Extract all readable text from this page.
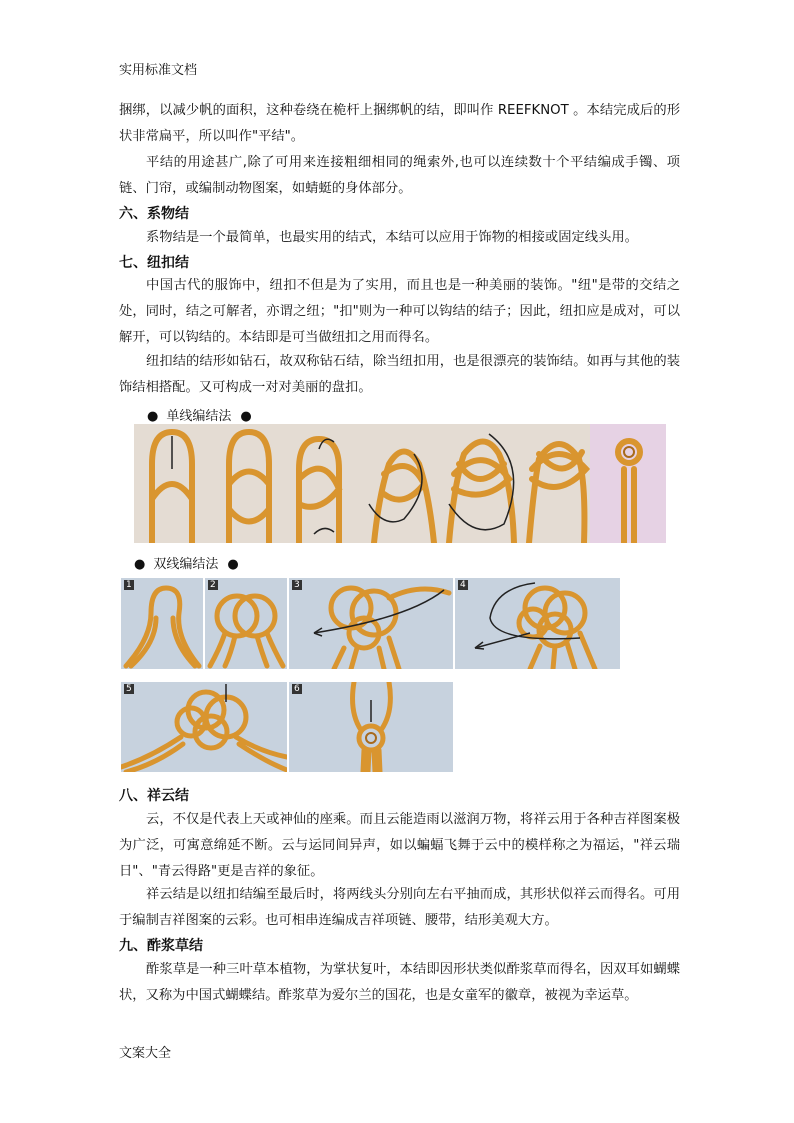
实用标准文档

捆绑，以减少帆的面积，这种卷绕在桅杆上捆绑帆的结，即叫作 REEFKNOT 。本结完成后的形状非常扁平，所以叫作"平结"。

平结的用途甚广,除了可用来连接粗细相同的绳索外,也可以连续数十个平结编成手镯、项链、门帘，或编制动物图案，如蜻蜓的身体部分。

六、系物结

系物结是一个最简单，也最实用的结式，本结可以应用于饰物的相接或固定线头用。

七、纽扣结

中国古代的服饰中，纽扣不但是为了实用，而且也是一种美丽的装饰。"纽"是带的交结之处，同时，结之可解者，亦谓之纽；"扣"则为一种可以钩结的结子；因此，纽扣应是成对，可以解开，可以钩结的。本结即是可当做纽扣之用而得名。

纽扣结的结形如钻石，故双称钻石结，除当纽扣用，也是很漂亮的装饰结。如再与其他的装饰结相搭配。又可构成一对对美丽的盘扣。

● 单线编结法 ●
● 双线编结法 ●
1	2	3	4
5	6

八、祥云结

云，不仅是代表上天或神仙的座乘。而且云能造雨以滋润万物，将祥云用于各种吉祥图案极为广泛，可寓意绵延不断。云与运同间异声，如以蝙蝠飞舞于云中的模样称之为福运，"祥云瑞日"、"青云得路"更是吉祥的象征。

祥云结是以纽扣结编至最后时，将两线头分别向左右平抽而成，其形状似祥云而得名。可用于编制吉祥图案的云彩。也可相串连编成吉祥项链、腰带，结形美观大方。

九、酢浆草结

酢浆草是一种三叶草本植物，为掌状复叶，本结即因形状类似酢浆草而得名，因双耳如蝴蝶状，又称为中国式蝴蝶结。酢浆草为爱尔兰的国花，也是女童军的徽章，被视为幸运草。

文案大全
